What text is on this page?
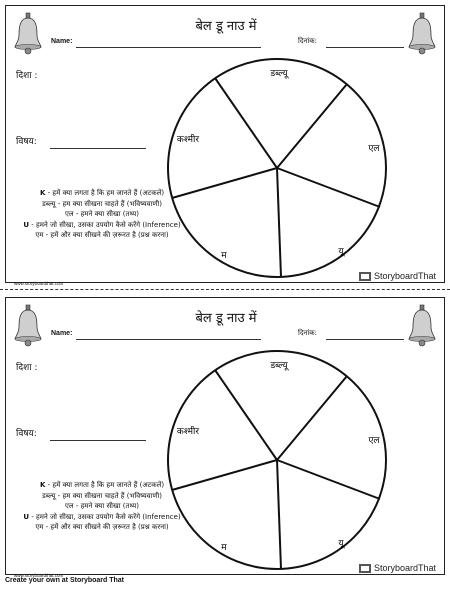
बेल डू नाउ में
Name:	दिनांक:
दिशा :
विषय:
डब्ल्यू
एल
यू
म
कश्मीर
K - हमें क्या लगता है कि हम जानते हैं (अटकलें)
डब्ल्यू - हम क्या सीखना चाहते हैं (भविष्यवाणी)
एल - हमने क्या सीखा (तथ्य)
U - हमने जो सीखा, उसका उपयोग कैसे करेंगे (Inference)
एम - हमें और क्या सीखने की ज़रूरत है (प्रश्न करना)
www.storyboardthat.com
StoryboardThat
बेल डू नाउ में
Name:	दिनांक:
दिशा :
विषय:
डब्ल्यू
एल
यू
म
कश्मीर
K - हमें क्या लगता है कि हम जानते हैं (अटकलें)
डब्ल्यू - हम क्या सीखना चाहते हैं (भविष्यवाणी)
एल - हमने क्या सीखा (तथ्य)
U - हमने जो सीखा, उसका उपयोग कैसे करेंगे (Inference)
एम - हमें और क्या सीखने की ज़रूरत है (प्रश्न करना)
www.storyboardthat.com
StoryboardThat
Create your own at Storyboard That
